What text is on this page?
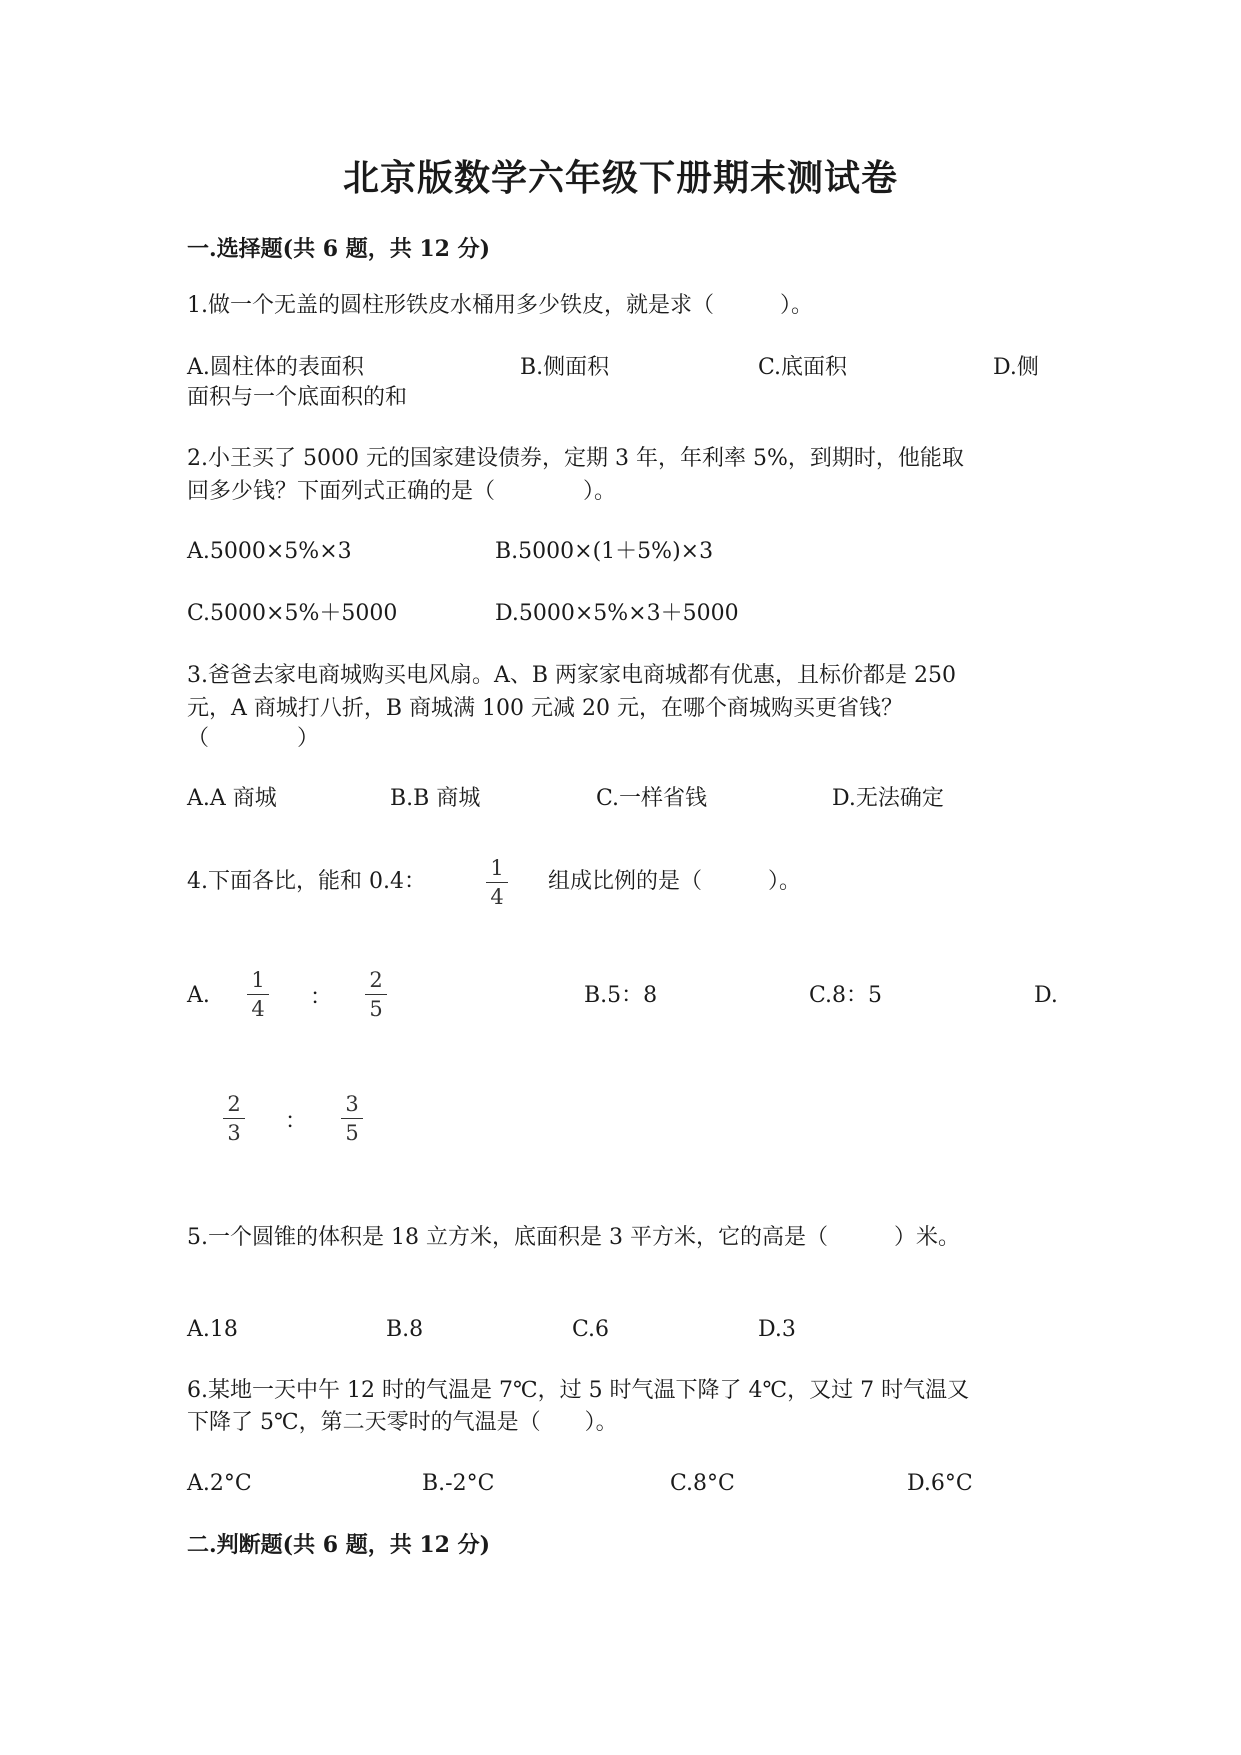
北京版数学六年级下册期末测试卷
一.选择题(共 6 题，共 12 分)
1.做一个无盖的圆柱形铁皮水桶用多少铁皮，就是求（　　　）。
A.圆柱体的表面积	B.侧面积	C.底面积	D.侧
面积与一个底面积的和
2.小王买了 5000 元的国家建设债券，定期 3 年，年利率 5%，到期时，他能取
回多少钱？下面列式正确的是（　　　　）。
A.5000×5%×3	B.5000×(1＋5%)×3
C.5000×5%＋5000	D.5000×5%×3＋5000
3.爸爸去家电商城购买电风扇。A、B 两家家电商城都有优惠，且标价都是 250
元，A 商城打八折，B 商城满 100 元减 20 元，在哪个商城购买更省钱？
（　　　　）
A.A 商城	B.B 商城	C.一样省钱	D.无法确定
4.下面各比，能和 0.4：
1
4
组成比例的是（　　　）。
A.
1
4	：
2
5
B.5：8	C.8：5	D.
2
3	：
3
5
5.一个圆锥的体积是 18 立方米，底面积是 3 平方米，它的高是（　　　）米。
A.18	B.8	C.6	D.3
6.某地一天中午 12 时的气温是 7℃，过 5 时气温下降了 4℃，又过 7 时气温又
下降了 5℃，第二天零时的气温是（　　）。
A.2°C	B.-2°C	C.8°C	D.6°C
二.判断题(共 6 题，共 12 分)
